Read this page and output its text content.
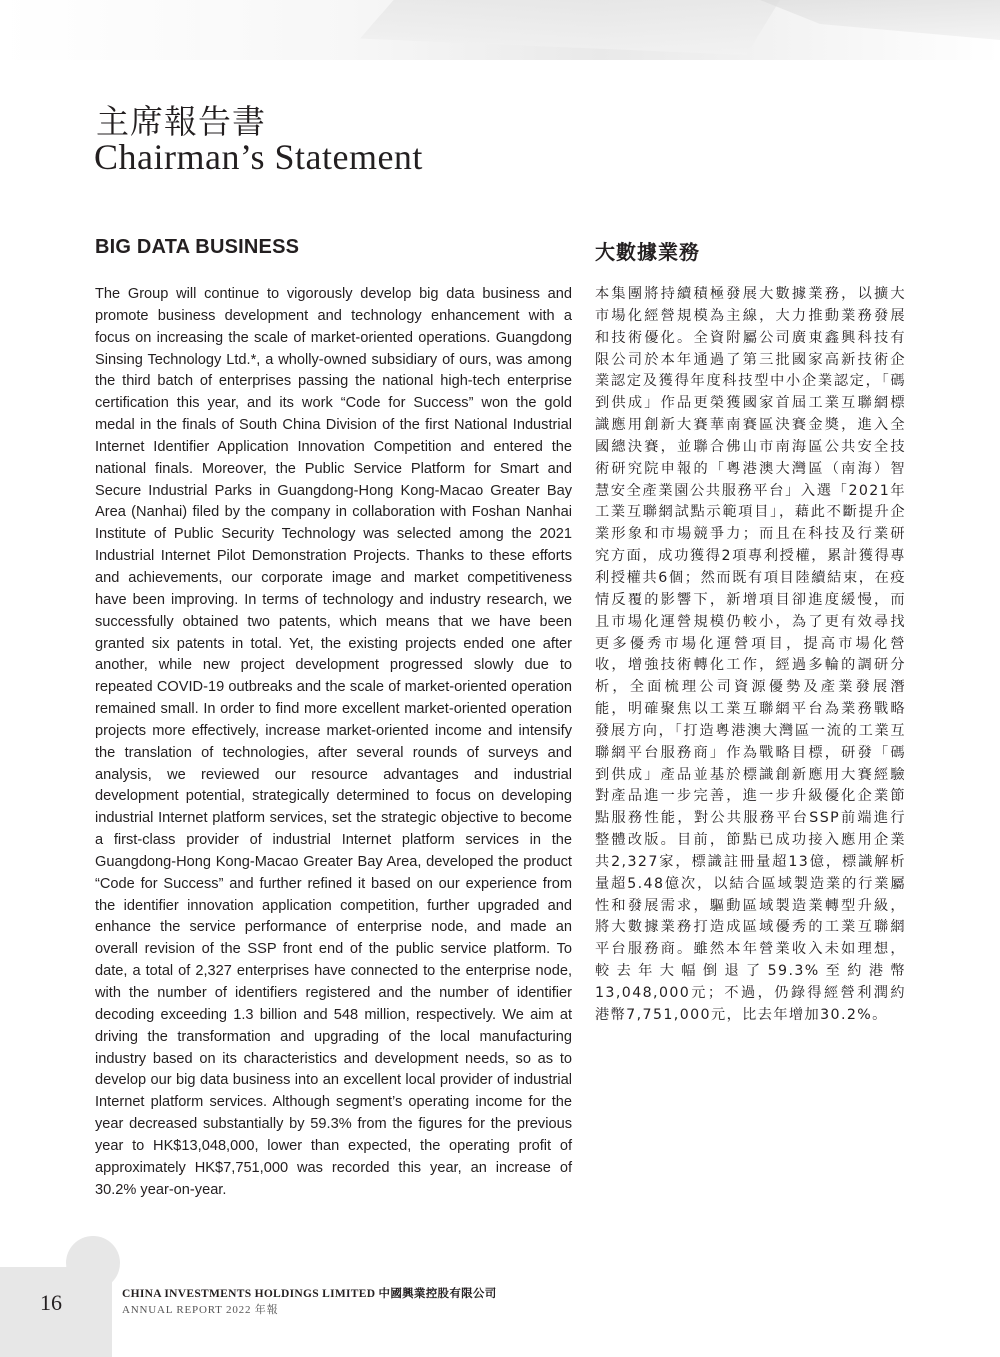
主席報告書
Chairman’s Statement
BIG DATA BUSINESS	大數據業務

The Group will continue to vigorously develop big data business and promote business development and technology enhancement with a focus on increasing the scale of market-oriented operations. Guangdong Sinsing Technology Ltd.*, a wholly-owned subsidiary of ours, was among the third batch of enterprises passing the national high-tech enterprise certification this year, and its work “Code for Success” won the gold medal in the finals of South China Division of the first National Industrial Internet Identifier Application Innovation Competition and entered the national finals. Moreover, the Public Service Platform for Smart and Secure Industrial Parks in Guangdong-Hong Kong-Macao Greater Bay Area (Nanhai) filed by the company in collaboration with Foshan Nanhai Institute of Public Security Technology was selected among the 2021 Industrial Internet Pilot Demonstration Projects. Thanks to these efforts and achievements, our corporate image and market competitiveness have been improving. In terms of technology and industry research, we successfully obtained two patents, which means that we have been granted six patents in total. Yet, the existing projects ended one after another, while new project development progressed slowly due to repeated COVID-19 outbreaks and the scale of market-oriented operation remained small. In order to find more excellent market-oriented operation projects more effectively, increase market-oriented income and intensify the translation of technologies, after several rounds of surveys and analysis, we reviewed our resource advantages and industrial development potential, strategically determined to focus on developing industrial Internet platform services, set the strategic objective to become a first-class provider of industrial Internet platform services in the Guangdong-Hong Kong-Macao Greater Bay Area, developed the product “Code for Success” and further refined it based on our experience from the identifier innovation application competition, further upgraded and enhance the service performance of enterprise node, and made an overall revision of the SSP front end of the public service platform. To date, a total of 2,327 enterprises have connected to the enterprise node, with the number of identifiers registered and the number of identifier decoding exceeding 1.3 billion and 548 million, respectively. We aim at driving the transformation and upgrading of the local manufacturing industry based on its characteristics and development needs, so as to develop our big data business into an excellent local provider of industrial Internet platform services. Although segment’s operating income for the year decreased substantially by 59.3% from the figures for the previous year to HK$13,048,000, lower than expected, the operating profit of approximately HK$7,751,000 was recorded this year, an increase of 30.2% year-on-year.

本集團將持續積極發展大數據業務，以擴大市場化經營規模為主線，大力推動業務發展和技術優化。全資附屬公司廣東鑫興科技有限公司於本年通過了第三批國家高新技術企業認定及獲得年度科技型中小企業認定，「碼到供成」作品更榮獲國家首屆工業互聯網標識應用創新大賽華南賽區決賽金奬，進入全國總決賽，並聯合佛山市南海區公共安全技術研究院申報的「粵港澳大灣區（南海）智慧安全產業園公共服務平台」入選「2021年工業互聯網試點示範項目」，藉此不斷提升企業形象和市場競爭力；而且在科技及行業研究方面，成功獲得2項專利授權，累計獲得專利授權共6個；然而既有項目陸續結束，在疫情反覆的影響下，新增項目卻進度緩慢，而且市場化運營規模仍較小，為了更有效尋找更多優秀市場化運營項目，提高市場化營收，增強技術轉化工作，經過多輪的調研分析，全面梳理公司資源優勢及產業發展潛能，明確聚焦以工業互聯網平台為業務戰略發展方向，「打造粵港澳大灣區一流的工業互聯網平台服務商」作為戰略目標，研發「碼到供成」產品並基於標識創新應用大賽經驗對產品進一步完善，進一步升級優化企業節點服務性能，對公共服務平台SSP前端進行整體改版。目前，節點已成功接入應用企業共2,327家，標識註冊量超13億，標識解析量超5.48億次，以結合區域製造業的行業屬性和發展需求，驅動區域製造業轉型升級，將大數據業務打造成區域優秀的工業互聯網平台服務商。雖然本年營業收入未如理想，較去年大幅倒退了59.3%至約港幣13,048,000元；不過，仍錄得經營利潤約港幣7,751,000元，比去年增加30.2%。

16	CHINA INVESTMENTS HOLDINGS LIMITED 中國興業控股有限公司
ANNUAL REPORT 2022 年報
